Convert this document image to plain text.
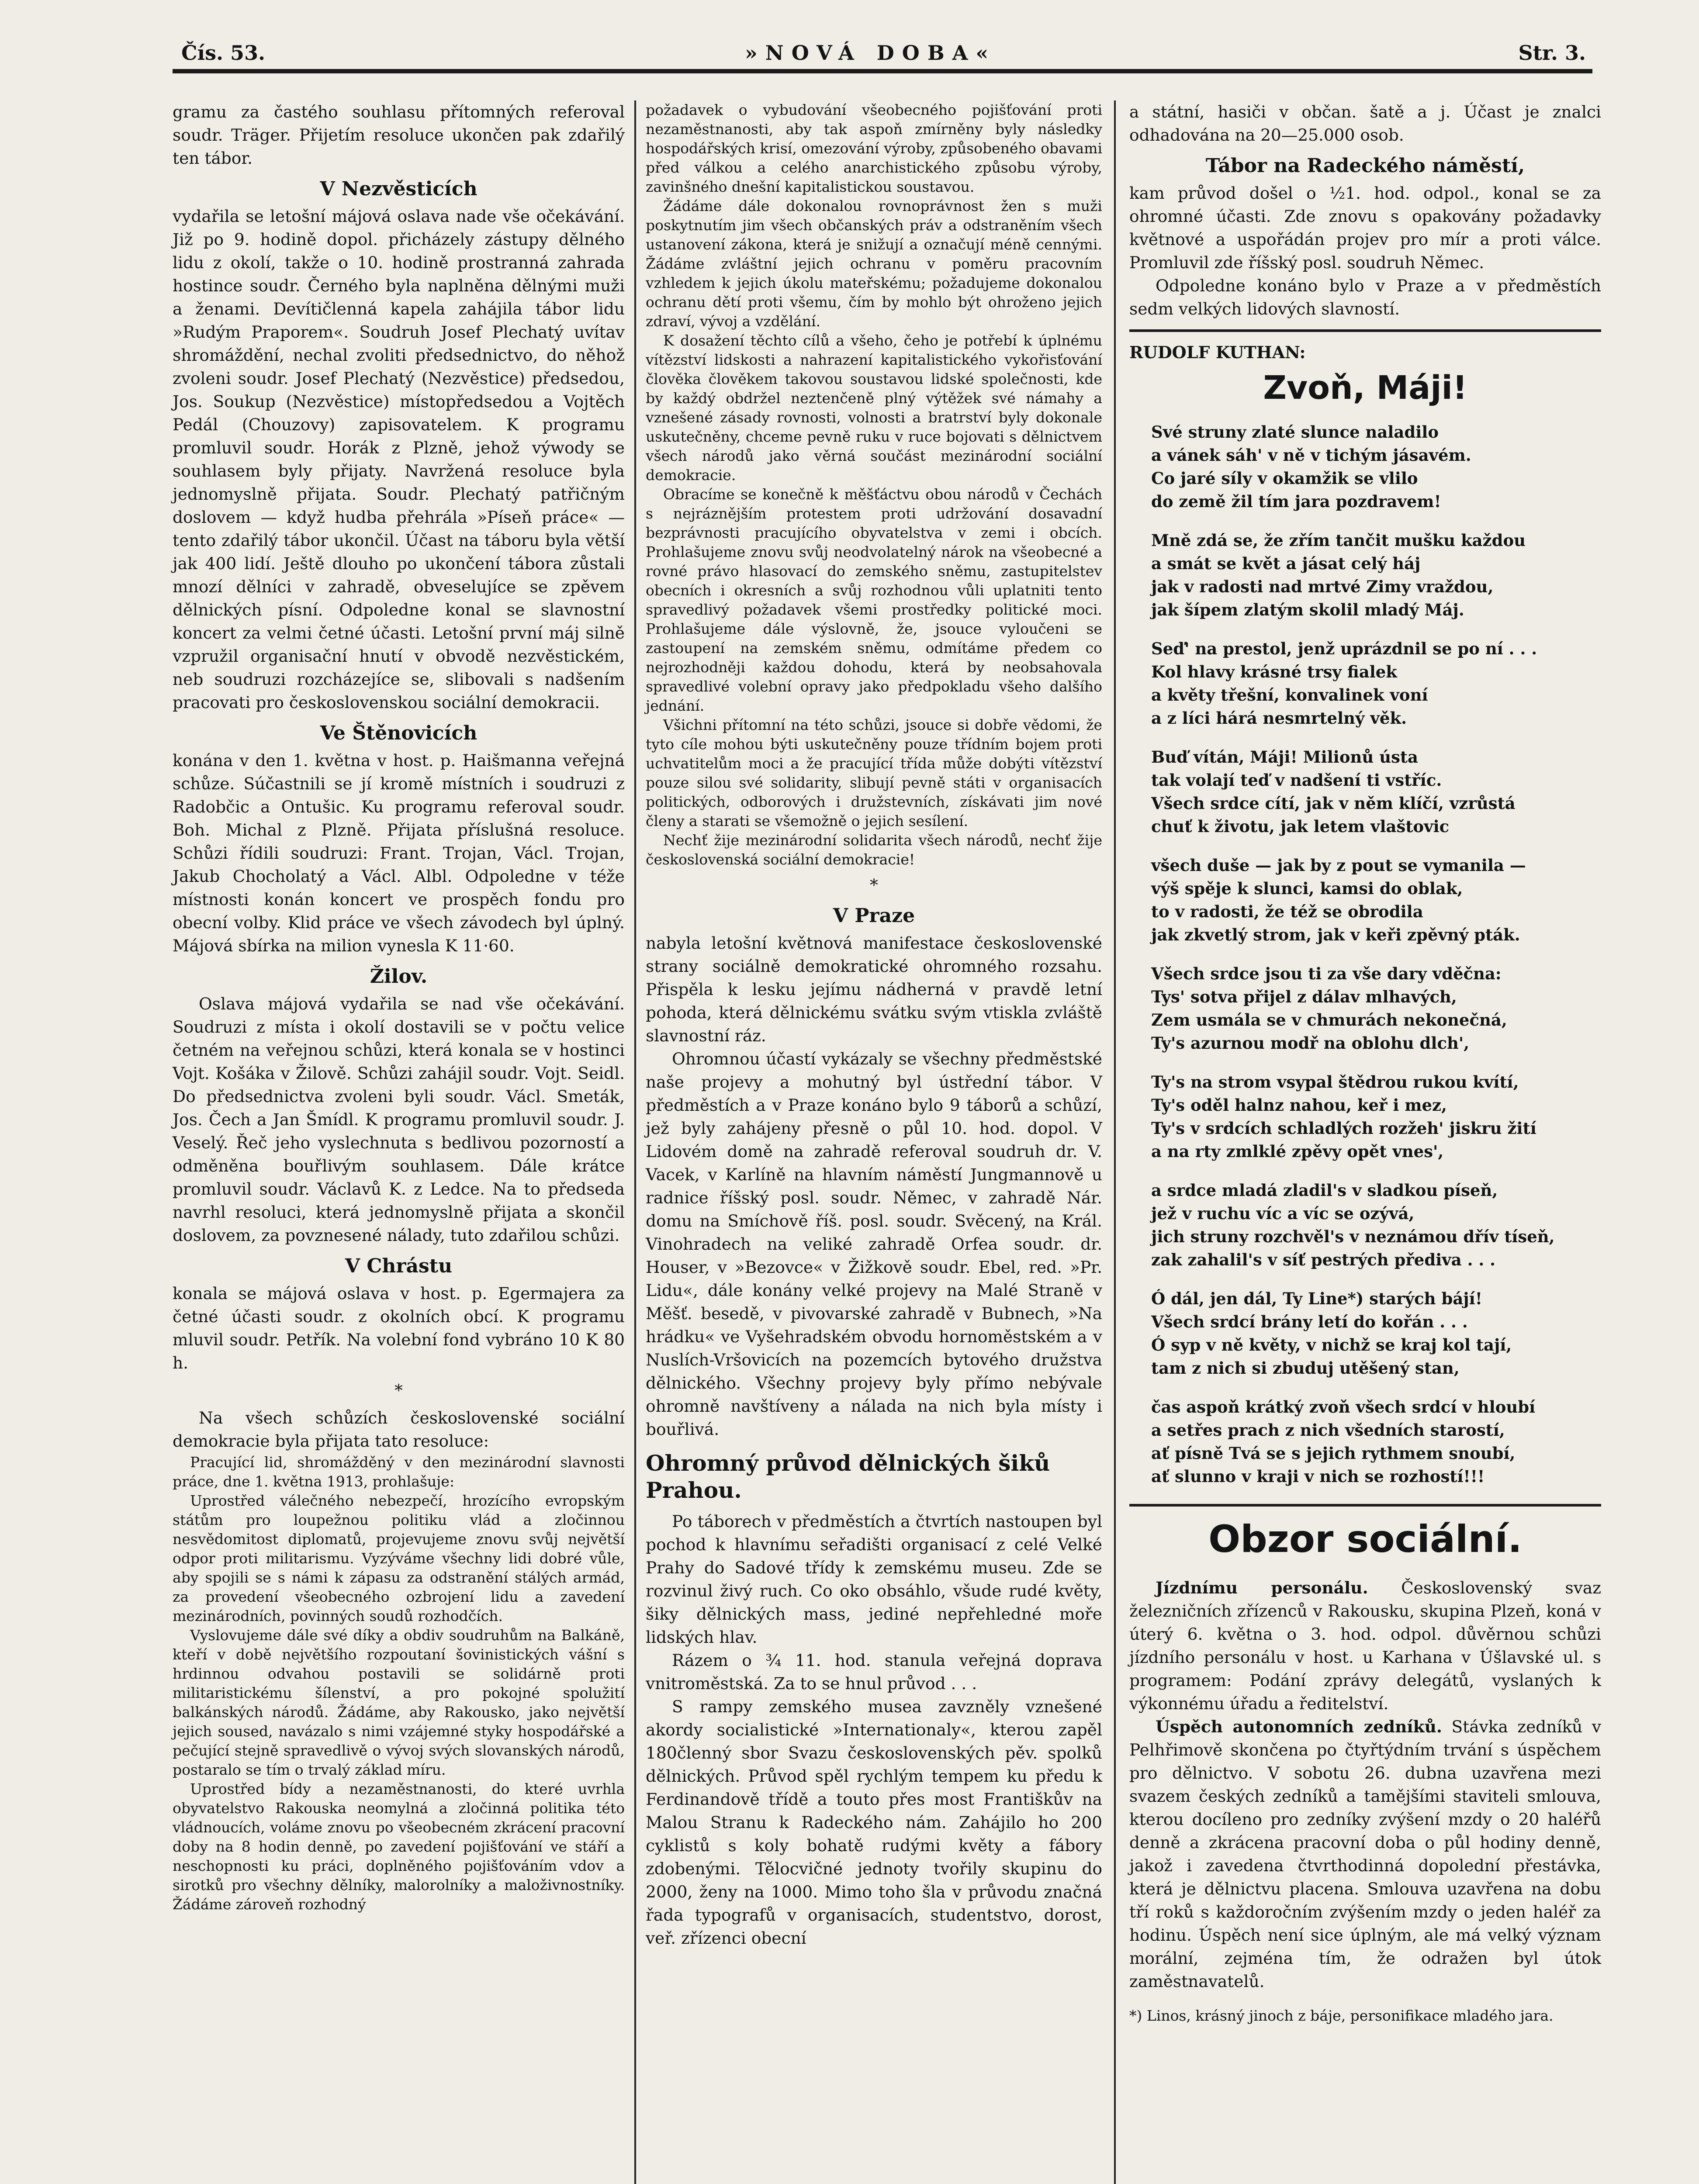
Čís. 53.	»NOVÁ DOBA«	Str. 3.

gramu za častého souhlasu přítomných referoval soudr. Träger. Přijetím resoluce ukončen pak zdařilý ten tábor.

V Nezvěsticích

vydařila se letošní májová oslava nade vše očekávání. Již po 9. hodině dopol. přicházely zástupy dělného lidu z okolí, takže o 10. hodině prostranná zahrada hostince soudr. Černého byla naplněna dělnými muži a ženami. Devítičlenná kapela zahájila tábor lidu »Rudým Praporem«. Soudruh Josef Plechatý uvítav shromáždění, nechal zvoliti předsednictvo, do něhož zvoleni soudr. Josef Plechatý (Nezvěstice) předsedou, Jos. Soukup (Nezvěstice) místopředsedou a Vojtěch Pedál (Chouzovy) zapisovatelem. K programu promluvil soudr. Horák z Plzně, jehož výwody se souhlasem byly přijaty. Navržená resoluce byla jednomyslně přijata. Soudr. Plechatý patřičným doslovem — když hudba přehrála »Píseň práce« — tento zdařilý tábor ukončil. Účast na táboru byla větší jak 400 lidí. Ještě dlouho po ukončení tábora zůstali mnozí dělníci v zahradě, obveselujíce se zpěvem dělnických písní. Odpoledne konal se slavnostní koncert za velmi četné účasti. Letošní první máj silně vzpružil organisační hnutí v obvodě nezvěstickém, neb soudruzi rozcházejíce se, slibovali s nadšením pracovati pro československou sociální demokracii.

Ve Štěnovicích

konána v den 1. května v host. p. Haišmanna veřejná schůze. Súčastnili se jí kromě místních i soudruzi z Radobčic a Ontušic. Ku programu referoval soudr. Boh. Michal z Plzně. Přijata příslušná resoluce. Schůzi řídili soudruzi: Frant. Trojan, Václ. Trojan, Jakub Chocholatý a Václ. Albl. Odpoledne v téže místnosti konán koncert ve prospěch fondu pro obecní volby. Klid práce ve všech závodech byl úplný. Májová sbírka na milion vynesla K 11·60.

Žilov.

Oslava májová vydařila se nad vše očekávání. Soudruzi z místa i okolí dostavili se v počtu velice četném na veřejnou schůzi, která konala se v hostinci Vojt. Košáka v Žilově. Schůzi zahájil soudr. Vojt. Seidl. Do předsednictva zvoleni byli soudr. Václ. Smeták, Jos. Čech a Jan Šmídl. K programu promluvil soudr. J. Veselý. Řeč jeho vyslechnuta s bedlivou pozorností a odměněna bouřlivým souhlasem. Dále krátce promluvil soudr. Václavů K. z Ledce. Na to předseda navrhl resoluci, která jednomyslně přijata a skončil doslovem, za povznesené nálady, tuto zdařilou schůzi.

V Chrástu

konala se májová oslava v host. p. Egermajera za četné účasti soudr. z okolních obcí. K programu mluvil soudr. Petřík. Na volební fond vybráno 10 K 80 h.

*

Na všech schůzích československé sociální demokracie byla přijata tato resoluce:

Pracující lid, shromážděný v den mezinárodní slavnosti práce, dne 1. května 1913, prohlašuje:

Uprostřed válečného nebezpečí, hrozícího evropským státům pro loupežnou politiku vlád a zločinnou nesvědomitost diplomatů, projevujeme znovu svůj největší odpor proti militarismu. Vyzýváme všechny lidi dobré vůle, aby spojili se s námi k zápasu za odstranění stálých armád, za provedení všeobecného ozbrojení lidu a zavedení mezinárodních, povinných soudů rozhodčích.

Vyslovujeme dále své díky a obdiv soudruhům na Balkáně, kteří v době největšího rozpoutaní šovinistických vášní s hrdinnou odvahou postavili se solidárně proti militaristickému šílenství, a pro pokojné spolužití balkánských národů. Žádáme, aby Rakousko, jako největší jejich soused, navázalo s nimi vzájemné styky hospodářské a pečující stejně spravedlivě o vývoj svých slovanských národů, postaralo se tím o trvalý základ míru.

Uprostřed bídy a nezaměstnanosti, do které uvrhla obyvatelstvo Rakouska neomylná a zločinná politika této vládnoucích, voláme znovu po všeobecném zkrácení pracovní doby na 8 hodin denně, po zavedení pojišťování ve stáří a neschopnosti ku práci, doplněného pojišťováním vdov a sirotků pro všechny dělníky, malorolníky a maloživnostníky. Žádáme zároveň rozhodný

požadavek o vybudování všeobecného pojišťování proti nezaměstnanosti, aby tak aspoň zmírněny byly následky hospodářských krisí, omezování výroby, způsobeného obavami před válkou a celého anarchistického způsobu výroby, zavinšného dnešní kapitalistickou soustavou.

Žádáme dále dokonalou rovnoprávnost žen s muži poskytnutím jim všech občanských práv a odstraněním všech ustanovení zákona, která je snižují a označují méně cennými. Žádáme zvláštní jejich ochranu v poměru pracovním vzhledem k jejich úkolu mateřskému; požadujeme dokonalou ochranu dětí proti všemu, čím by mohlo být ohroženo jejich zdraví, vývoj a vzdělání.

K dosažení těchto cílů a všeho, čeho je potřebí k úplnému vítězství lidskosti a nahrazení kapitalistického vykořisťování člověka člověkem takovou soustavou lidské společnosti, kde by každý obdržel neztenčeně plný výtěžek své námahy a vznešené zásady rovnosti, volnosti a bratrství byly dokonale uskutečněny, chceme pevně ruku v ruce bojovati s dělnictvem všech národů jako věrná součást mezinárodní sociální demokracie.

Obracíme se konečně k měšťáctvu obou národů v Čechách s nejráznějším protestem proti udržování dosavadní bezprávnosti pracujícího obyvatelstva v zemi i obcích. Prohlašujeme znovu svůj neodvolatelný nárok na všeobecné a rovné právo hlasovací do zemského sněmu, zastupitelstev obecních i okresních a svůj rozhodnou vůli uplatniti tento spravedlivý požadavek všemi prostředky politické moci. Prohlašujeme dále výslovně, že, jsouce vyloučeni se zastoupení na zemském sněmu, odmítáme předem co nejrozhodněji každou dohodu, která by neobsahovala spravedlivé volební opravy jako předpokladu všeho dalšího jednání.

Všichni přítomní na této schůzi, jsouce si dobře vědomi, že tyto cíle mohou býti uskutečněny pouze třídním bojem proti uchvatitelům moci a že pracující třída může dobýti vítězství pouze silou své solidarity, slibují pevně státi v organisacích politických, odborových i družstevních, získávati jim nové členy a starati se všemožně o jejich sesílení.

Nechť žije mezinárodní solidarita všech národů, nechť žije československá sociální demokracie!

*
V Praze

nabyla letošní květnová manifestace československé strany sociálně demokratické ohromného rozsahu. Přispěla k lesku jejímu nádherná v pravdě letní pohoda, která dělnickému svátku svým vtiskla zvláště slavnostní ráz.

Ohromnou účastí vykázaly se všechny předměstské naše projevy a mohutný byl ústřední tábor. V předměstích a v Praze konáno bylo 9 táborů a schůzí, jež byly zahájeny přesně o půl 10. hod. dopol. V Lidovém domě na zahradě referoval soudruh dr. V. Vacek, v Karlíně na hlavním náměstí Jungmannově u radnice říšský posl. soudr. Němec, v zahradě Nár. domu na Smíchově říš. posl. soudr. Svěcený, na Král. Vinohradech na veliké zahradě Orfea soudr. dr. Houser, v »Bezovce« v Žižkově soudr. Ebel, red. »Pr. Lidu«, dále konány velké projevy na Malé Straně v Měšť. besedě, v pivovarské zahradě v Bubnech, »Na hrádku« ve Vyšehradském obvodu hornoměstském a v Nuslích-Vršovicích na pozemcích bytového družstva dělnického. Všechny projevy byly přímo nebývale ohromně navštíveny a nálada na nich byla místy i bouřlivá.

Ohromný průvod dělnických šiků Prahou.

Po táborech v předměstích a čtvrtích nastoupen byl pochod k hlavnímu seřadišti organisací z celé Velké Prahy do Sadové třídy k zemskému museu. Zde se rozvinul živý ruch. Co oko obsáhlo, všude rudé květy, šiky dělnických mass, jediné nepřehledné moře lidských hlav.

Rázem o ¾ 11. hod. stanula veřejná doprava vnitroměstská. Za to se hnul průvod . . .

S rampy zemského musea zavzněly vznešené akordy socialistické »Internationaly«, kterou zapěl 180členný sbor Svazu československých pěv. spolků dělnických. Průvod spěl rychlým tempem ku předu k Ferdinandově třídě a touto přes most Františkův na Malou Stranu k Radeckého nám. Zahájilo ho 200 cyklistů s koly bohatě rudými květy a fábory zdobenými. Tělocvičné jednoty tvořily skupinu do 2000, ženy na 1000. Mimo toho šla v průvodu značná řada typografů v organisacích, studentstvo, dorost, veř. zřízenci obecní

a státní, hasiči v občan. šatě a j. Účast je znalci odhadována na 20—25.000 osob.

Tábor na Radeckého náměstí,

kam průvod došel o ½1. hod. odpol., konal se za ohromné účasti. Zde znovu s opakovány požadavky květnové a uspořádán projev pro mír a proti válce. Promluvil zde říšský posl. soudruh Němec.

Odpoledne konáno bylo v Praze a v předměstích sedm velkých lidových slavností.

RUDOLF KUTHAN:
Zvoň, Máji!
Své struny zlaté slunce naladilo
a vánek sáh' v ně v tichým jásavém.
Co jaré síly v okamžik se vlilo
do země žil tím jara pozdravem!
Mně zdá se, že zřím tančit mušku každou
a smát se květ a jásat celý háj
jak v radosti nad mrtvé Zimy vraždou,
jak šípem zlatým skolil mladý Máj.
Seď' na prestol, jenž uprázdnil se po ní . . .
Kol hlavy krásné trsy fialek
a květy třešní, konvalinek voní
a z líci hárá nesmrtelný věk.
Buď vítán, Máji! Milionů ústa
tak volají teď v nadšení ti vstříc.
Všech srdce cítí, jak v něm klíčí, vzrůstá
chuť k životu, jak letem vlaštovic
všech duše — jak by z pout se vymanila —
výš spěje k slunci, kamsi do oblak,
to v radosti, že též se obrodila
jak zkvetlý strom, jak v keři zpěvný pták.
Všech srdce jsou ti za vše dary vděčna:
Tys' sotva přijel z dálav mlhavých,
Zem usmála se v chmurách nekonečná,
Ty's azurnou modř na oblohu dlch',
Ty's na strom vsypal štědrou rukou kvítí,
Ty's oděl halnz nahou, keř i mez,
Ty's v srdcích schladlých rozžeh' jiskru žití
a na rty zmlklé zpěvy opět vnes',
a srdce mladá zladil's v sladkou píseň,
jež v ruchu víc a víc se ozývá,
jich struny rozchvěl's v neznámou dřív tíseň,
zak zahalil's v síť pestrých přediva . . .
Ó dál, jen dál, Ty Line*) starých bájí!
Všech srdcí brány letí do kořán . . .
Ó syp v ně květy, v nichž se kraj kol tají,
tam z nich si zbuduj utěšený stan,
čas aspoň krátký zvoň všech srdcí v hloubí
a setřes prach z nich všedních starostí,
ať písně Tvá se s jejich rythmem snoubí,
ať slunno v kraji v nich se rozhostí!!!
Obzor sociální.

Jízdnímu personálu. Československý svaz železničních zřízenců v Rakousku, skupina Plzeň, koná v úterý 6. května o 3. hod. odpol. důvěrnou schůzi jízdního personálu v host. u Karhana v Úšlavské ul. s programem: Podání zprávy delegátů, vyslaných k výkonnému úřadu a ředitelství.

Úspěch autonomních zedníků. Stávka zedníků v Pelhřimově skončena po čtyřtýdním trvání s úspěchem pro dělnictvo. V sobotu 26. dubna uzavřena mezi svazem českých zedníků a tamějšími staviteli smlouva, kterou docíleno pro zedníky zvýšení mzdy o 20 haléřů denně a zkrácena pracovní doba o půl hodiny denně, jakož i zavedena čtvrthodinná dopolední přestávka, která je dělnictvu placena. Smlouva uzavřena na dobu tří roků s každoročním zvýšením mzdy o jeden haléř za hodinu. Úspěch není sice úplným, ale má velký význam morální, zejména tím, že odražen byl útok zaměstnavatelů.

*) Linos, krásný jinoch z báje, personifikace mladého jara.
